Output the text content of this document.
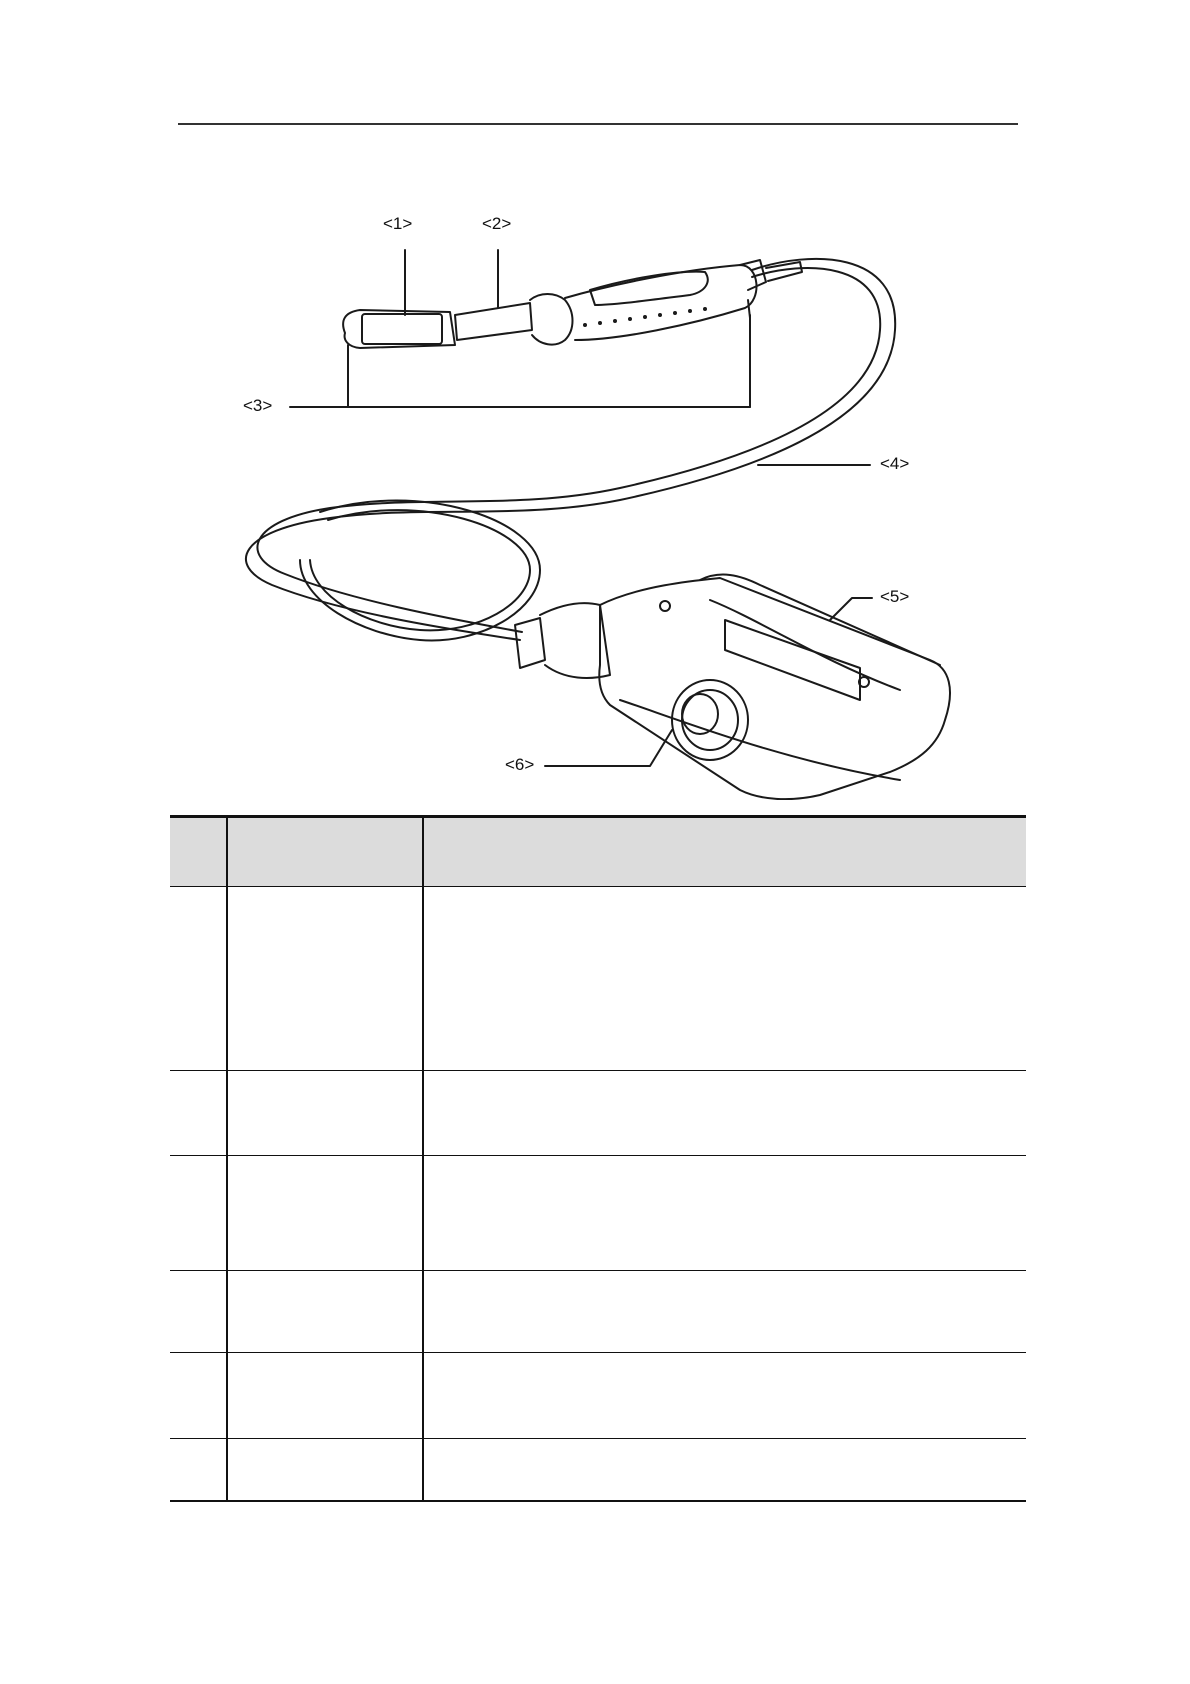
<1>	<2>
<3>
<4>
<5>
<6>
